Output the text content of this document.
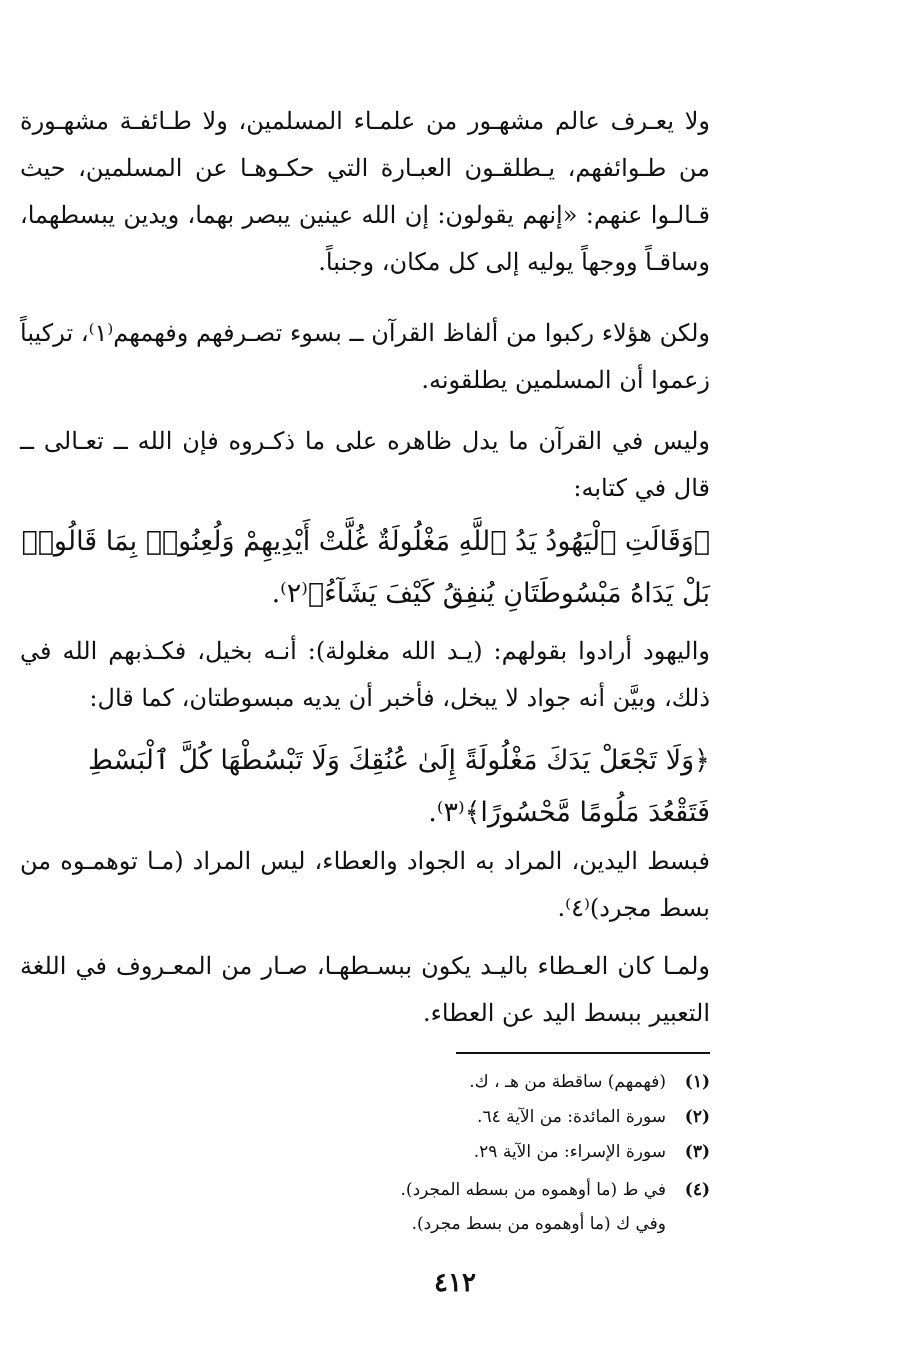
ولا يعـرف عالم مشهـور من علمـاء المسلمين، ولا طـائفـة مشهـورة من طـوائفهم، يـطلقـون العبـارة التي حكـوهـا عن المسلمين، حيث قـالـوا عنهم: «إنهم يقولون: إن الله عينين يبصر بهما، ويدين يبسطهما، وساقـاً ووجهاً يوليه إلى كل مكان، وجنباً.

ولكن هؤلاء ركبوا من ألفاظ القرآن ــ بسوء تصـرفهم وفهمهم⁽١⁾، تركيباً زعموا أن المسلمين يطلقونه.

وليس في القرآن ما يدل ظاهره على ما ذكـروه فإن الله ــ تعـالى ــ قال في كتابه:

﴿وَقَالَتِ ٱلْيَهُودُ يَدُ ٱللَّهِ مَغْلُولَةٌ غُلَّتْ أَيْدِيهِمْ وَلُعِنُوا۟ بِمَا قَالُوا۟ بَلْ يَدَاهُ مَبْسُوطَتَانِ يُنفِقُ كَيْفَ يَشَآءُ﴾⁽٢⁾.

واليهود أرادوا بقولهم: (يـد الله مغلولة): أنـه بخيل، فكـذبهم الله في ذلك، وبيَّن أنه جواد لا يبخل، فأخبر أن يديه مبسوطتان، كما قال:

﴿وَلَا تَجْعَلْ يَدَكَ مَغْلُولَةً إِلَىٰ عُنُقِكَ وَلَا تَبْسُطْهَا كُلَّ ٱلْبَسْطِ فَتَقْعُدَ مَلُومًا مَّحْسُورًا﴾⁽٣⁾.

فبسط اليدين، المراد به الجواد والعطاء، ليس المراد (مـا توهمـوه من بسط مجرد)⁽٤⁾.

ولمـا كان العـطاء باليـد يكون ببسـطهـا، صـار من المعـروف في اللغة التعبير ببسط اليد عن العطاء.

(١)(فهمهم) ساقطة من هـ ، ك.
(٢)سورة المائدة: من الآية ٦٤.
(٣)سورة الإسراء: من الآية ٢٩.
(٤)في ط (ما أوهموه من بسطه المجرد).
وفي ك (ما أوهموه من بسط مجرد).
٤١٢
